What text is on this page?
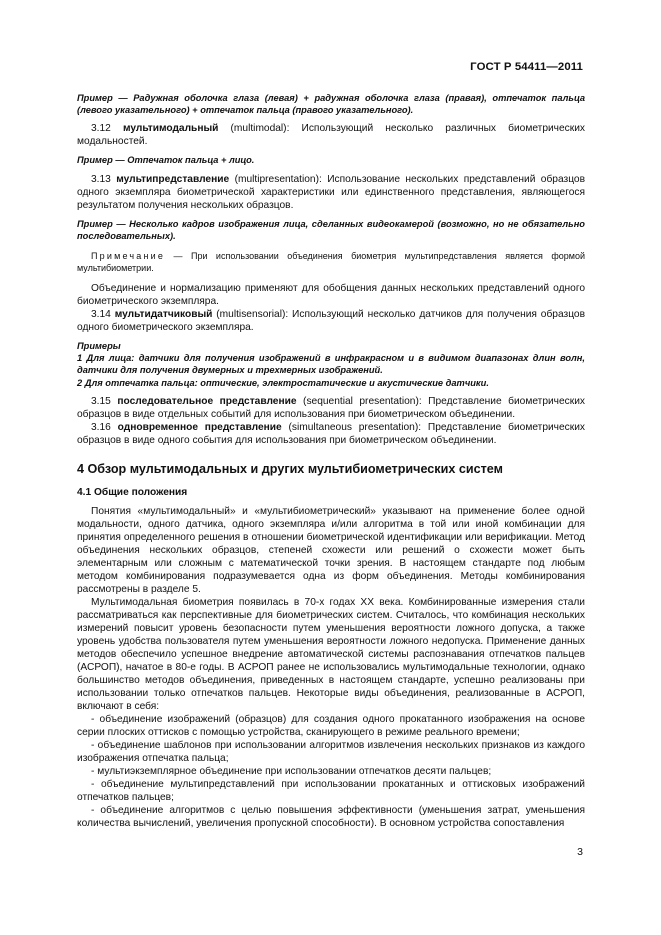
ГОСТ Р 54411—2011

Пример — Радужная оболочка глаза (левая) + радужная оболочка глаза (правая), отпечаток пальца (левого указательного) + отпечаток пальца (правого указательного).

3.12 мультимодальный (multimodal): Использующий несколько различных биометрических модальностей.

Пример — Отпечаток пальца + лицо.

3.13 мультипредставление (multipresentation): Использование нескольких представлений образцов одного экземпляра биометрической характеристики или единственного представления, являющегося результатом получения нескольких образцов.

Пример — Несколько кадров изображения лица, сделанных видеокамерой (возможно, но не обязательно последовательных).

Примечание — При использовании объединения биометрия мультипредставления является формой мультибиометрии.

Объединение и нормализацию применяют для обобщения данных нескольких представлений одного биометрического экземпляра.

3.14 мультидатчиковый (multisensorial): Использующий несколько датчиков для получения образцов одного биометрического экземпляра.

Примеры

1 Для лица: датчики для получения изображений в инфракрасном и в видимом диапазонах длин волн, датчики для получения двумерных и трехмерных изображений.

2 Для отпечатка пальца: оптические, электростатические и акустические датчики.

3.15 последовательное представление (sequential presentation): Представление биометрических образцов в виде отдельных событий для использования при биометрическом объединении.

3.16 одновременное представление (simultaneous presentation): Представление биометрических образцов в виде одного события для использования при биометрическом объединении.

4 Обзор мультимодальных и других мультибиометрических систем

4.1 Общие положения

Понятия «мультимодальный» и «мультибиометрический» указывают на применение более одной модальности, одного датчика, одного экземпляра и/или алгоритма в той или иной комбинации для принятия определенного решения в отношении биометрической идентификации или верификации. Метод объединения нескольких образцов, степеней схожести или решений о схожести может быть элементарным или сложным с математической точки зрения. В настоящем стандарте под любым методом комбинирования подразумевается одна из форм объединения. Методы комбинирования рассмотрены в разделе 5.

Мультимодальная биометрия появилась в 70-х годах XX века. Комбинированные измерения стали рассматриваться как перспективные для биометрических систем. Считалось, что комбинация нескольких измерений повысит уровень безопасности путем уменьшения вероятности ложного допуска, а также уровень удобства пользователя путем уменьшения вероятности ложного недопуска. Применение данных методов обеспечило успешное внедрение автоматической системы распознавания отпечатков пальцев (АСРОП), начатое в 80-е годы. В АСРОП ранее не использовались мультимодальные технологии, однако большинство методов объединения, приведенных в настоящем стандарте, успешно реализованы при использовании только отпечатков пальцев. Некоторые виды объединения, реализованные в АСРОП, включают в себя:

- объединение изображений (образцов) для создания одного прокатанного изображения на основе серии плоских оттисков с помощью устройства, сканирующего в режиме реального времени;

- объединение шаблонов при использовании алгоритмов извлечения нескольких признаков из каждого изображения отпечатка пальца;

- мультиэкземплярное объединение при использовании отпечатков десяти пальцев;

- объединение мультипредставлений при использовании прокатанных и оттисковых изображений отпечатков пальцев;

- объединение алгоритмов с целью повышения эффективности (уменьшения затрат, уменьшения количества вычислений, увеличения пропускной способности). В основном устройства сопоставления

3
